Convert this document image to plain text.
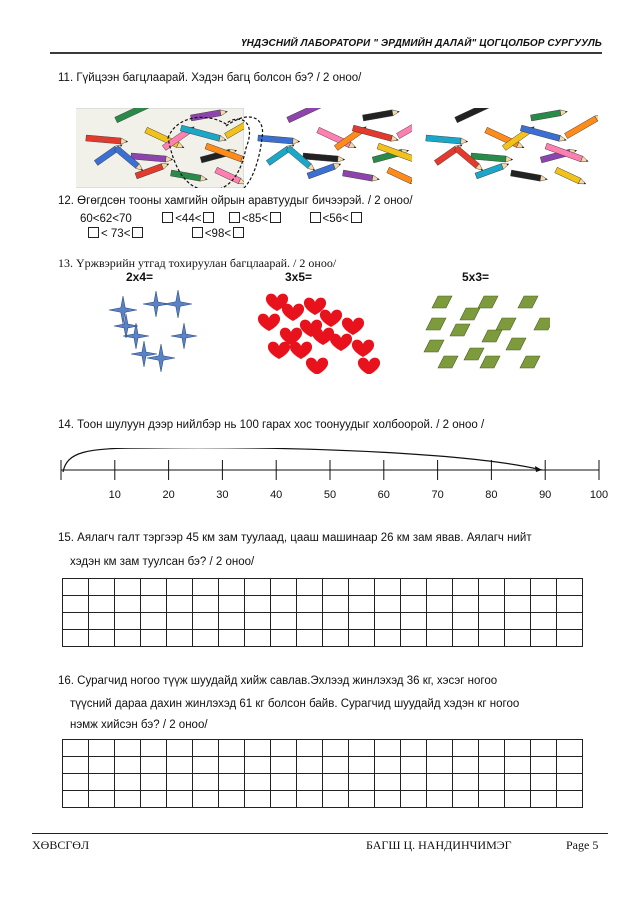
ҮНДЭСНИЙ ЛАБОРАТОРИ " ЭРДМИЙН ДАЛАЙ" ЦОГЦОЛБОР СУРГУУЛЬ
11. Гүйцээн багцлаарай. Хэдэн багц болсон бэ? / 2 оноо/
12. Өгөгдсөн тооны хамгийн ойрын аравтуудыг бичээрэй. / 2 оноо/
60<62<70	<44<	<85<	<56<
< 73<	<98<
13. Үржвэрийн утгад тохируулан багцлаарай. / 2 оноо/
2x4=	3x5=	5x3=
14. Тоон шулуун дээр нийлбэр нь 100 гарах хос тоонуудыг холбоорой. / 2 оноо /
10	20	30	40	50	60	70	80	90	100
15. Аялагч галт тэргээр 45 км зам туулаад, цааш машинаар 26 км зам явав. Аялагч нийт
хэдэн км зам туулсан бэ? / 2 оноо/

16. Сурагчид ногоо түүж шуудайд хийж савлав.Эхлээд жинлэхэд 36 кг, хэсэг ногоо
түүсний дараа дахин жинлэхэд 61 кг болсон байв. Сурагчид шуудайд хэдэн кг ногоо
нэмж хийсэн бэ? / 2 оноо/

ХӨВСГӨЛ	БАГШ Ц. НАНДИНЧИМЭГ	Page 5
